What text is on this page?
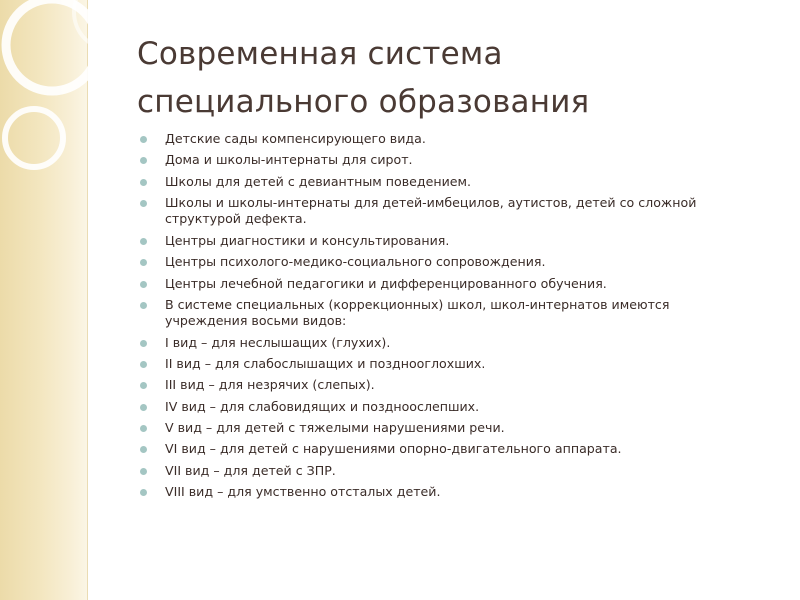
Современная система
специального образования
Детские сады компенсирующего вида.
Дома и школы-интернаты для сирот.
Школы для детей с девиантным поведением.
Школы и школы-интернаты для детей-имбецилов, аутистов, детей со сложной структурой дефекта.
Центры диагностики и консультирования.
Центры психолого-медико-социального сопровождения.
Центры лечебной педагогики и дифференцированного обучения.
В системе специальных (коррекционных) школ, школ-интернатов имеются учреждения восьми видов:
I вид – для неслышащих (глухих).
II вид – для слабослышащих и позднооглохших.
III вид – для незрячих (слепых).
IV вид – для слабовидящих и поздноослепших.
V вид – для детей с тяжелыми нарушениями речи.
VI вид – для детей с нарушениями опорно-двигательного аппарата.
VII вид – для детей с ЗПР.
VIII вид – для умственно отсталых детей.
